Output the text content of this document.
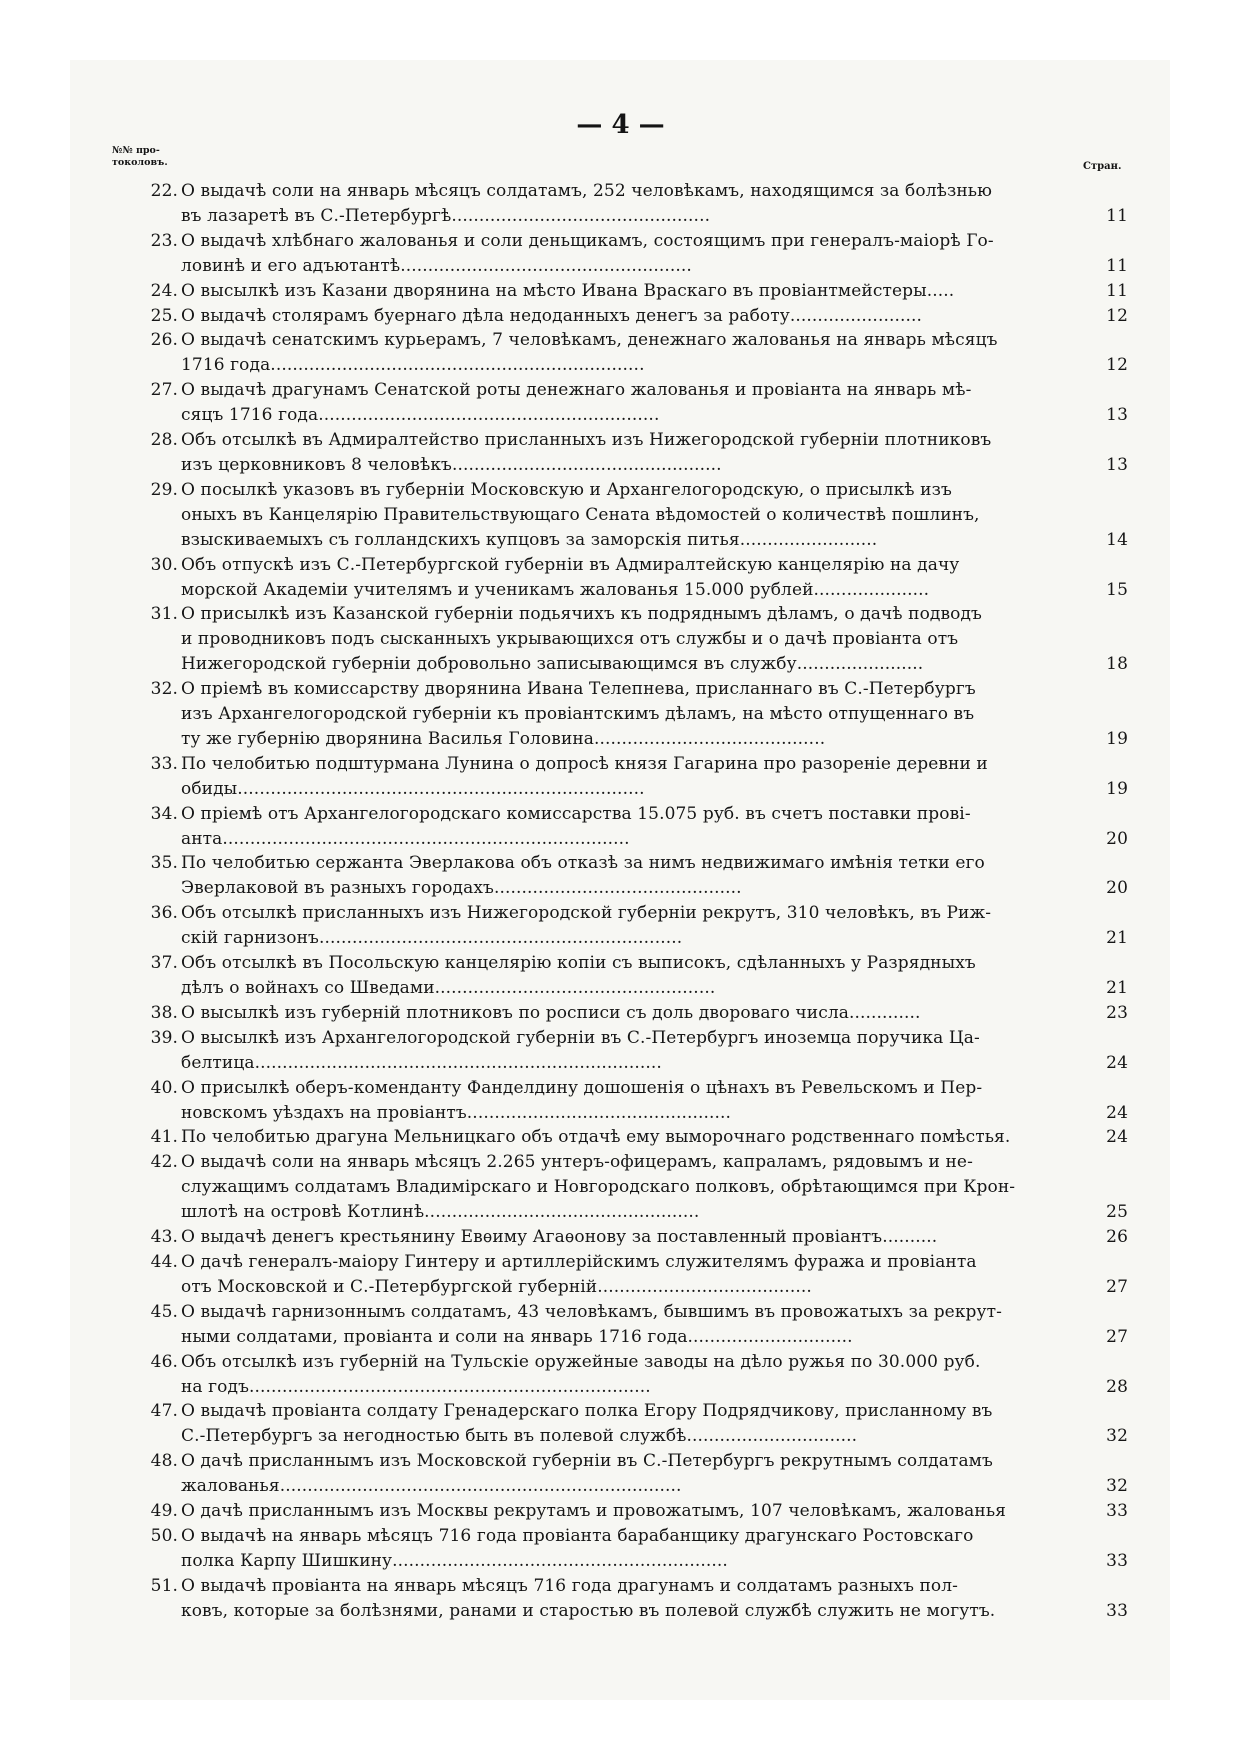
— 4 —
№№ про-
токоловъ.	Стран.
22. О выдачѣ соли на январь мѣсяцъ солдатамъ, 252 человѣкамъ, находящимся за болѣзнью
въ лазаретѣ въ С.-Петербургѣ...............................................	11
23. О выдачѣ хлѣбнаго жалованья и соли деньщикамъ, состоящимъ при генералъ-маiорѣ Го-
ловинѣ и его адъютантѣ.....................................................	11
24. О высылкѣ изъ Казани дворянина на мѣсто Ивана Враскаго въ провiантмейстеры.....	11
25. О выдачѣ столярамъ буернаго дѣла недоданныхъ денегъ за работу........................	12
26. О выдачѣ сенатскимъ курьерамъ, 7 человѣкамъ, денежнаго жалованья на январь мѣсяцъ
1716 года....................................................................	12
27. О выдачѣ драгунамъ Сенатской роты денежнаго жалованья и провiанта на январь мѣ-
сяцъ 1716 года..............................................................	13
28. Объ отсылкѣ въ Адмиралтейство присланныхъ изъ Нижегородской губернiи плотниковъ
изъ церковниковъ 8 человѣкъ.................................................	13
29. О посылкѣ указовъ въ губернiи Московскую и Архангелогородскую, о присылкѣ изъ
оныхъ въ Канцелярiю Правительствующаго Сената вѣдомостей о количествѣ пошлинъ,
взыскиваемыхъ съ голландскихъ купцовъ за заморскiя питья.........................	14
30. Объ отпускѣ изъ С.-Петербургской губернiи въ Адмиралтейскую канцелярiю на дачу
морской Академiи учителямъ и ученикамъ жалованья 15.000 рублей.....................	15
31. О присылкѣ изъ Казанской губернiи подьячихъ къ подряднымъ дѣламъ, о дачѣ подводъ
и проводниковъ подъ сысканныхъ укрывающихся отъ службы и о дачѣ провiанта отъ
Нижегородской губернiи добровольно записывающимся въ службу.......................	18
32. О прiемѣ въ комиссарству дворянина Ивана Телепнева, присланнаго въ С.-Петербургъ
изъ Архангелогородской губернiи къ провiантскимъ дѣламъ, на мѣсто отпущеннаго въ
ту же губернiю дворянина Василья Головина..........................................	19
33. По челобитью подштурмана Лунина о допросѣ князя Гагарина про разоренiе деревни и
обиды..........................................................................	19
34. О прiемѣ отъ Архангелогородскаго комиссарства 15.075 руб. въ счетъ поставки провi-
анта..........................................................................	20
35. По челобитью сержанта Эверлакова объ отказѣ за нимъ недвижимаго имѣнiя тетки его
Эверлаковой въ разныхъ городахъ.............................................	20
36. Объ отсылкѣ присланныхъ изъ Нижегородской губернiи рекрутъ, 310 человѣкъ, въ Риж-
скiй гарнизонъ..................................................................	21
37. Объ отсылкѣ въ Посольскую канцелярiю копiи съ выписокъ, сдѣланныхъ у Разрядныхъ
дѣлъ о войнахъ со Шведами...................................................	21
38. О высылкѣ изъ губернiй плотниковъ по росписи съ доль двороваго числа.............	23
39. О высылкѣ изъ Архангелогородской губернiи въ С.-Петербургъ иноземца поручика Ца-
белтица..........................................................................	24
40. О присылкѣ оберъ-коменданту Фанделдину дошошенiя о цѣнахъ въ Ревельскомъ и Пер-
новскомъ уѣздахъ на провiантъ................................................	24
41. По челобитью драгуна Мельницкаго объ отдачѣ ему выморочнаго родственнаго помѣстья.	24
42. О выдачѣ соли на январь мѣсяцъ 2.265 унтеръ-офицерамъ, капраламъ, рядовымъ и не-
служащимъ солдатамъ Владимiрскаго и Новгородскаго полковъ, обрѣтающимся при Крон-
шлотѣ на островѣ Котлинѣ..................................................	25
43. О выдачѣ денегъ крестьянину Евѳиму Агаѳонову за поставленный провiантъ..........	26
44. О дачѣ генералъ-маiору Гинтеру и артиллерiйскимъ служителямъ фуража и провiанта
отъ Московской и С.-Петербургской губернiй.......................................	27
45. О выдачѣ гарнизоннымъ солдатамъ, 43 человѣкамъ, бывшимъ въ провожатыхъ за рекрут-
ными солдатами, провiанта и соли на январь 1716 года..............................	27
46. Объ отсылкѣ изъ губернiй на Тульскiе оружейные заводы на дѣло ружья по 30.000 руб.
на годъ.........................................................................	28
47. О выдачѣ провiанта солдату Гренадерскаго полка Егору Подрядчикову, присланному въ
С.-Петербургъ за негодностью быть въ полевой службѣ...............................	32
48. О дачѣ присланнымъ изъ Московской губернiи въ С.-Петербургъ рекрутнымъ солдатамъ
жалованья.........................................................................	32
49. О дачѣ присланнымъ изъ Москвы рекрутамъ и провожатымъ, 107 человѣкамъ, жалованья	33
50. О выдачѣ на январь мѣсяцъ 716 года провiанта барабанщику драгунскаго Ростовскаго
полка Карпу Шишкину.............................................................	33
51. О выдачѣ провiанта на январь мѣсяцъ 716 года драгунамъ и солдатамъ разныхъ пол-
ковъ, которые за болѣзнями, ранами и старостью въ полевой службѣ служить не могутъ.	33
